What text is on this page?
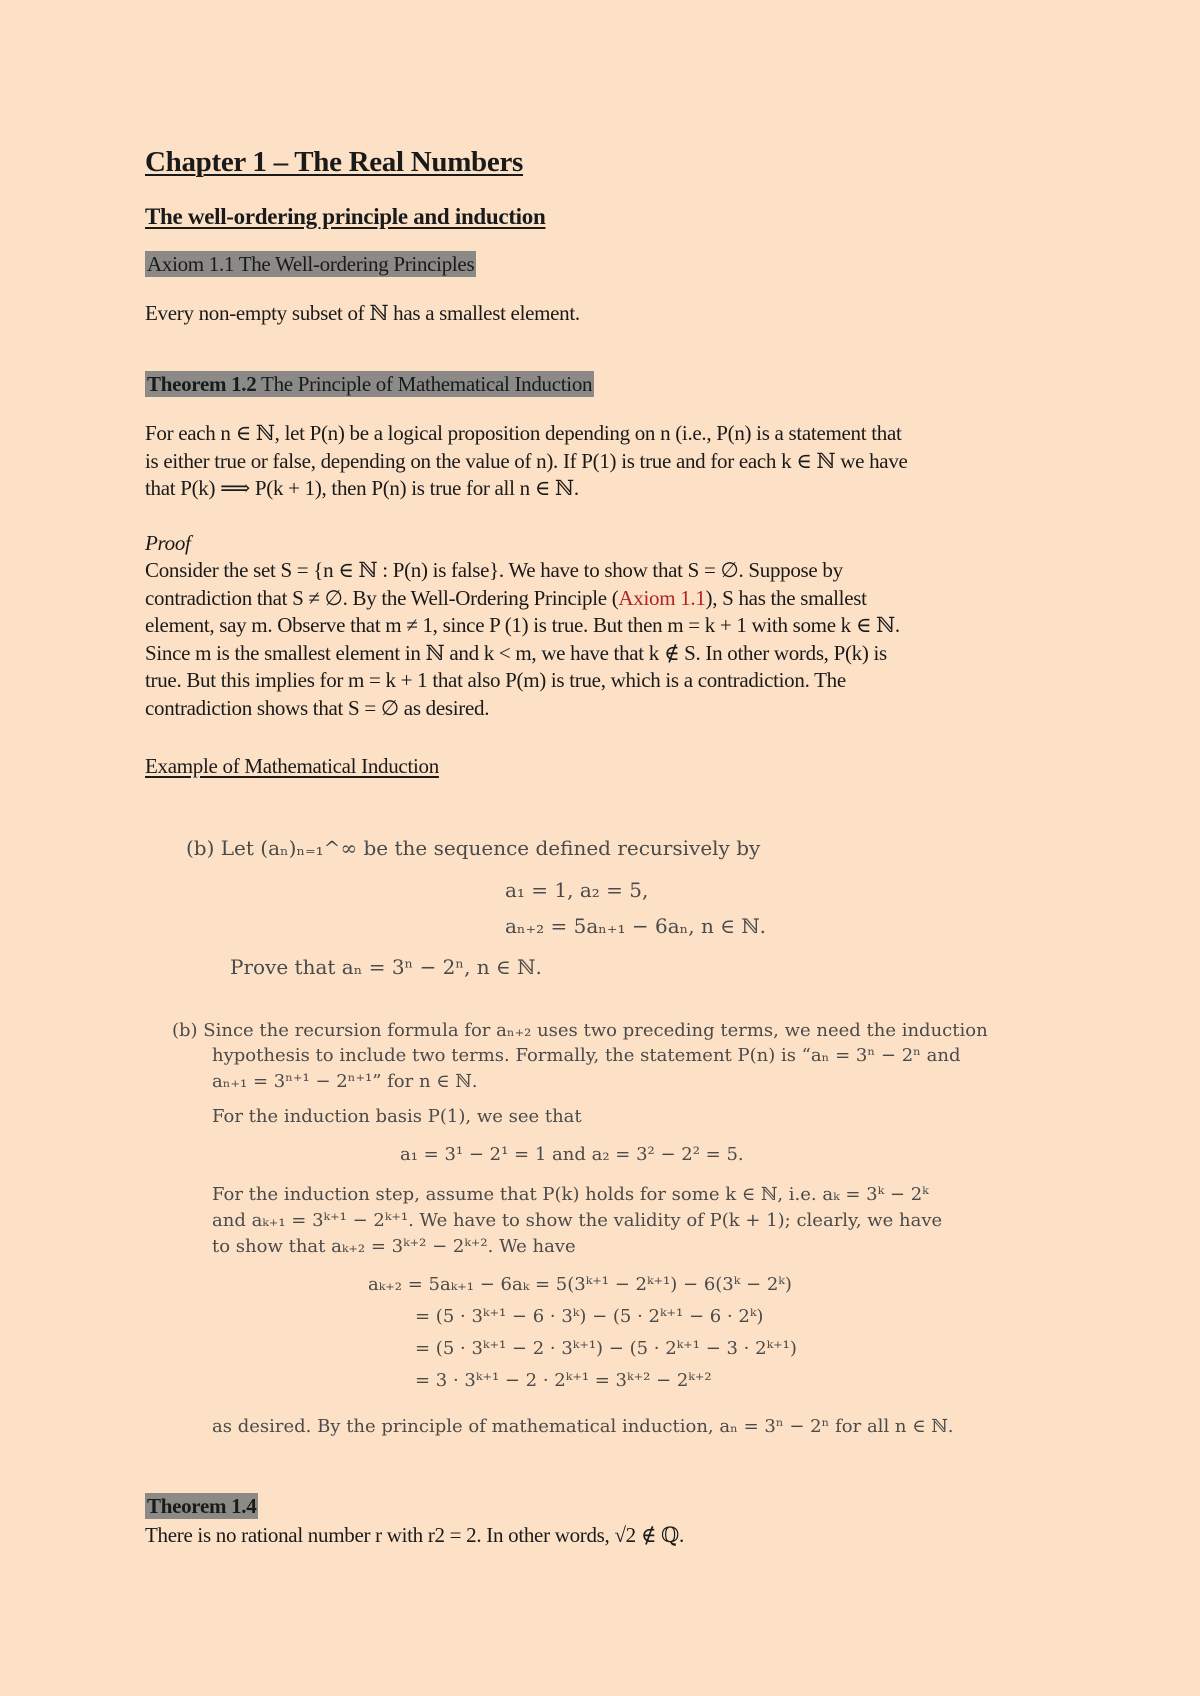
Chapter 1 – The Real Numbers
The well-ordering principle and induction
Axiom 1.1 The Well-ordering Principles
Every non-empty subset of ℕ has a smallest element.
Theorem 1.2 The Principle of Mathematical Induction
For each n ∈ ℕ, let P(n) be a logical proposition depending on n (i.e., P(n) is a statement that
is either true or false, depending on the value of n). If P(1) is true and for each k ∈ ℕ we have
that P(k) ⟹ P(k + 1), then P(n) is true for all n ∈ ℕ.
Proof
Consider the set S = {n ∈ ℕ : P(n) is false}. We have to show that S = ∅. Suppose by
contradiction that S ≠ ∅. By the Well-Ordering Principle (Axiom 1.1), S has the smallest
element, say m. Observe that m ≠ 1, since P (1) is true. But then m = k + 1 with some k ∈ ℕ.
Since m is the smallest element in ℕ and k < m, we have that k ∉ S. In other words, P(k) is
true. But this implies for m = k + 1 that also P(m) is true, which is a contradiction. The
contradiction shows that S = ∅ as desired.
Example of Mathematical Induction
(b) Let (aₙ)ₙ₌₁^∞ be the sequence defined recursively by
a₁ = 1, a₂ = 5,
aₙ₊₂ = 5aₙ₊₁ − 6aₙ, n ∈ ℕ.
Prove that aₙ = 3ⁿ − 2ⁿ, n ∈ ℕ.
(b) Since the recursion formula for aₙ₊₂ uses two preceding terms, we need the induction
hypothesis to include two terms. Formally, the statement P(n) is “aₙ = 3ⁿ − 2ⁿ and
aₙ₊₁ = 3ⁿ⁺¹ − 2ⁿ⁺¹” for n ∈ ℕ.
For the induction basis P(1), we see that
a₁ = 3¹ − 2¹ = 1 and a₂ = 3² − 2² = 5.
For the induction step, assume that P(k) holds for some k ∈ ℕ, i.e. aₖ = 3ᵏ − 2ᵏ
and aₖ₊₁ = 3ᵏ⁺¹ − 2ᵏ⁺¹. We have to show the validity of P(k + 1); clearly, we have
to show that aₖ₊₂ = 3ᵏ⁺² − 2ᵏ⁺². We have
aₖ₊₂ = 5aₖ₊₁ − 6aₖ = 5(3ᵏ⁺¹ − 2ᵏ⁺¹) − 6(3ᵏ − 2ᵏ)
= (5 · 3ᵏ⁺¹ − 6 · 3ᵏ) − (5 · 2ᵏ⁺¹ − 6 · 2ᵏ)
= (5 · 3ᵏ⁺¹ − 2 · 3ᵏ⁺¹) − (5 · 2ᵏ⁺¹ − 3 · 2ᵏ⁺¹)
= 3 · 3ᵏ⁺¹ − 2 · 2ᵏ⁺¹ = 3ᵏ⁺² − 2ᵏ⁺²
as desired. By the principle of mathematical induction, aₙ = 3ⁿ − 2ⁿ for all n ∈ ℕ.
Theorem 1.4
There is no rational number r with r2 = 2. In other words, √2 ∉ ℚ.
